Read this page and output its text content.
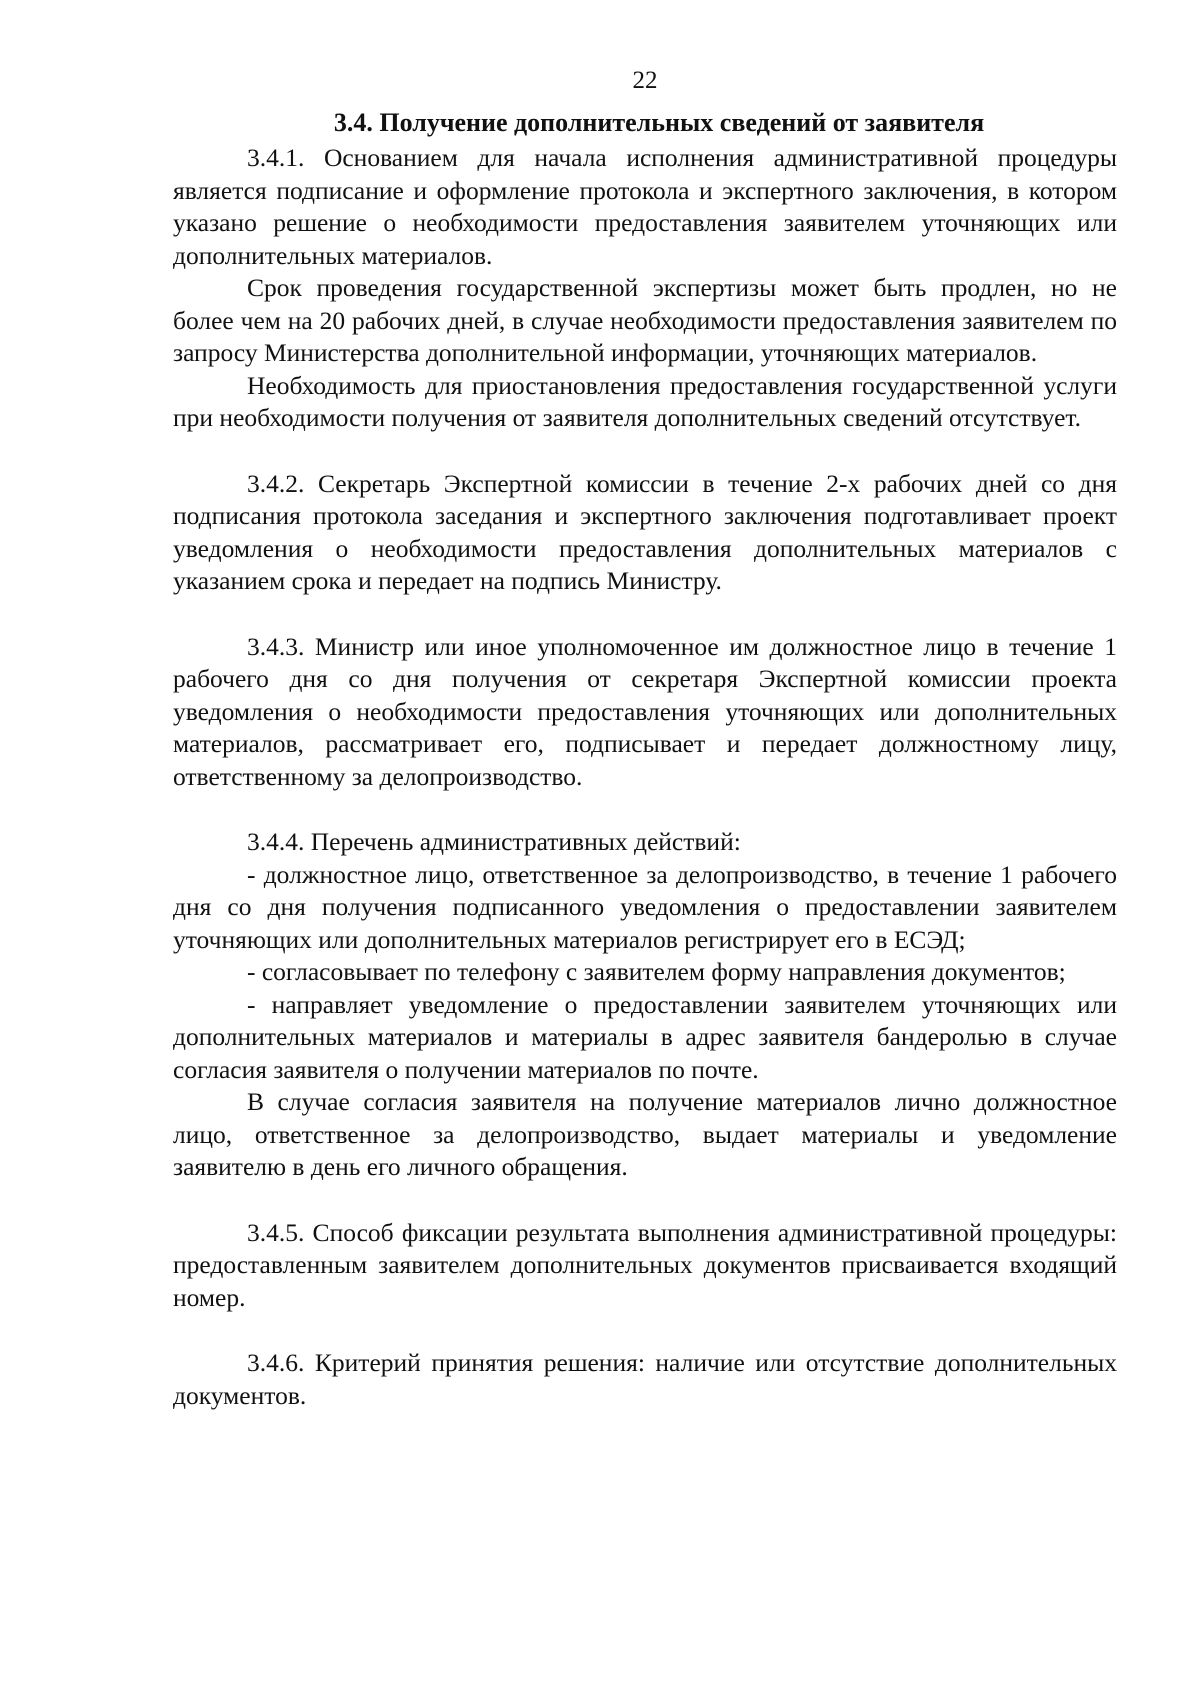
22
3.4. Получение дополнительных сведений от заявителя

3.4.1. Основанием для начала исполнения административной процедуры является подписание и оформление протокола и экспертного заключения, в котором указано решение о необходимости предоставления заявителем уточняющих или дополнительных материалов.

Срок проведения государственной экспертизы может быть продлен, но не более чем на 20 рабочих дней, в случае необходимости предоставления заявителем по запросу Министерства дополнительной информации, уточняющих материалов.

Необходимость для приостановления предоставления государственной услуги при необходимости получения от заявителя дополнительных сведений отсутствует.

3.4.2. Секретарь Экспертной комиссии в течение 2-х рабочих дней со дня подписания протокола заседания и экспертного заключения подготавливает проект уведомления о необходимости предоставления дополнительных материалов с указанием срока и передает на подпись Министру.

3.4.3. Министр или иное уполномоченное им должностное лицо в течение 1 рабочего дня со дня получения от секретаря Экспертной комиссии проекта уведомления о необходимости предоставления уточняющих или дополнительных материалов, рассматривает его, подписывает и передает должностному лицу, ответственному за делопроизводство.

3.4.4. Перечень административных действий:

- должностное лицо, ответственное за делопроизводство, в течение 1 рабочего дня со дня получения подписанного уведомления о предоставлении заявителем уточняющих или дополнительных материалов регистрирует его в ЕСЭД;

- согласовывает по телефону с заявителем форму направления документов;

- направляет уведомление о предоставлении заявителем уточняющих или дополнительных материалов и материалы в адрес заявителя бандеролью в случае согласия заявителя о получении материалов по почте.

В случае согласия заявителя на получение материалов лично должностное лицо, ответственное за делопроизводство, выдает материалы и уведомление заявителю в день его личного обращения.

3.4.5. Способ фиксации результата выполнения административной процедуры: предоставленным заявителем дополнительных документов присваивается входящий номер.

3.4.6. Критерий принятия решения: наличие или отсутствие дополнительных документов.
